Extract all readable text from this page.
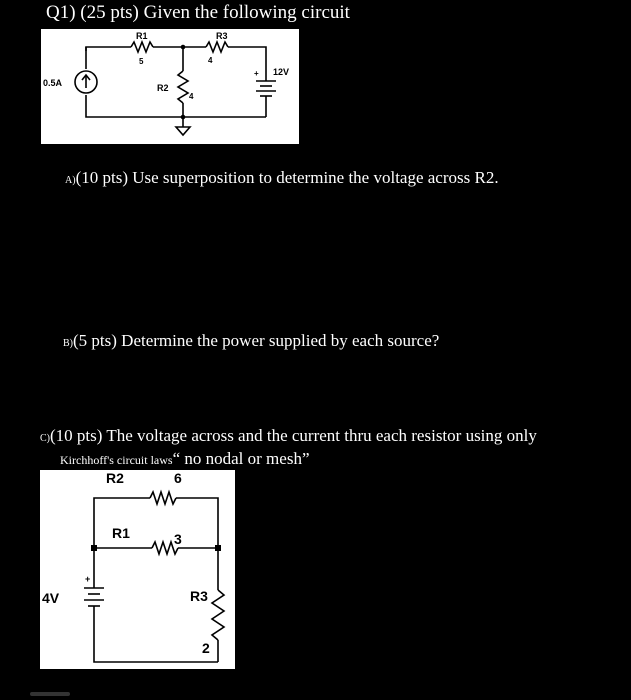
Q1) (25 pts) Given the following circuit
0.5A
R1
5
R2
4
R3
4
12V
+
A)(10 pts) Use superposition to determine the voltage across R2.
B)(5 pts) Determine the power supplied by each source?
C)(10 pts) The voltage across and the current thru each resistor using only
Kirchhoff's circuit laws“ no nodal or mesh”
R2	6
R1	3
4V
+
R3
2
